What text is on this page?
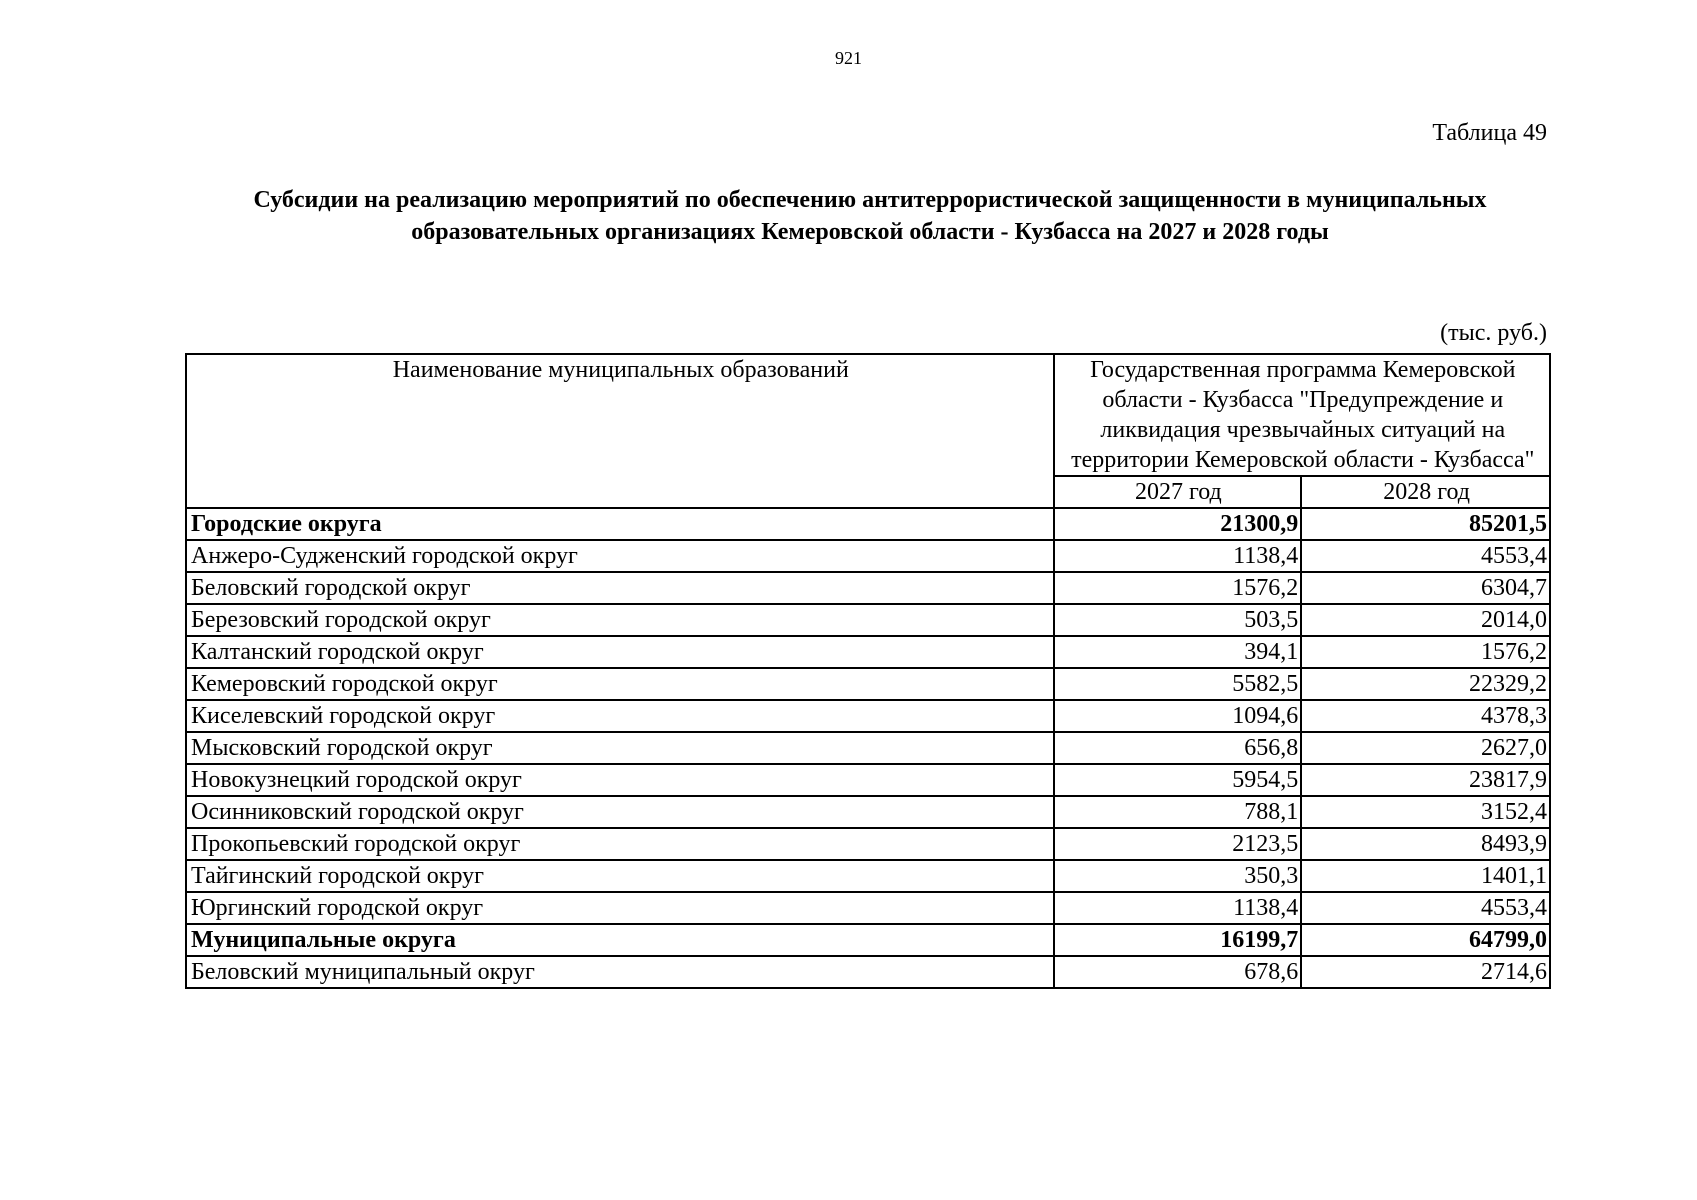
921
Таблица 49
Субсидии на реализацию мероприятий по обеспечению антитеррористической защищенности в муниципальных образовательных организациях Кемеровской области - Кузбасса на 2027 и 2028 годы
(тыс. руб.)
Наименование муниципальных образований	Государственная программа Кемеровской области - Кузбасса "Предупреждение и ликвидация чрезвычайных ситуаций на территории Кемеровской области - Кузбасса"	
	2027 год	2028 год
Городские округа	21300,9	85201,5
Анжеро-Судженский городской округ	1138,4	4553,4
Беловский городской округ	1576,2	6304,7
Березовский городской округ	503,5	2014,0
Калтанский городской округ	394,1	1576,2
Кемеровский городской округ	5582,5	22329,2
Киселевский городской округ	1094,6	4378,3
Мысковский городской округ	656,8	2627,0
Новокузнецкий городской округ	5954,5	23817,9
Осинниковский городской округ	788,1	3152,4
Прокопьевский городской округ	2123,5	8493,9
Тайгинский городской округ	350,3	1401,1
Юргинский городской округ	1138,4	4553,4
Муниципальные округа	16199,7	64799,0
Беловский муниципальный округ	678,6	2714,6
